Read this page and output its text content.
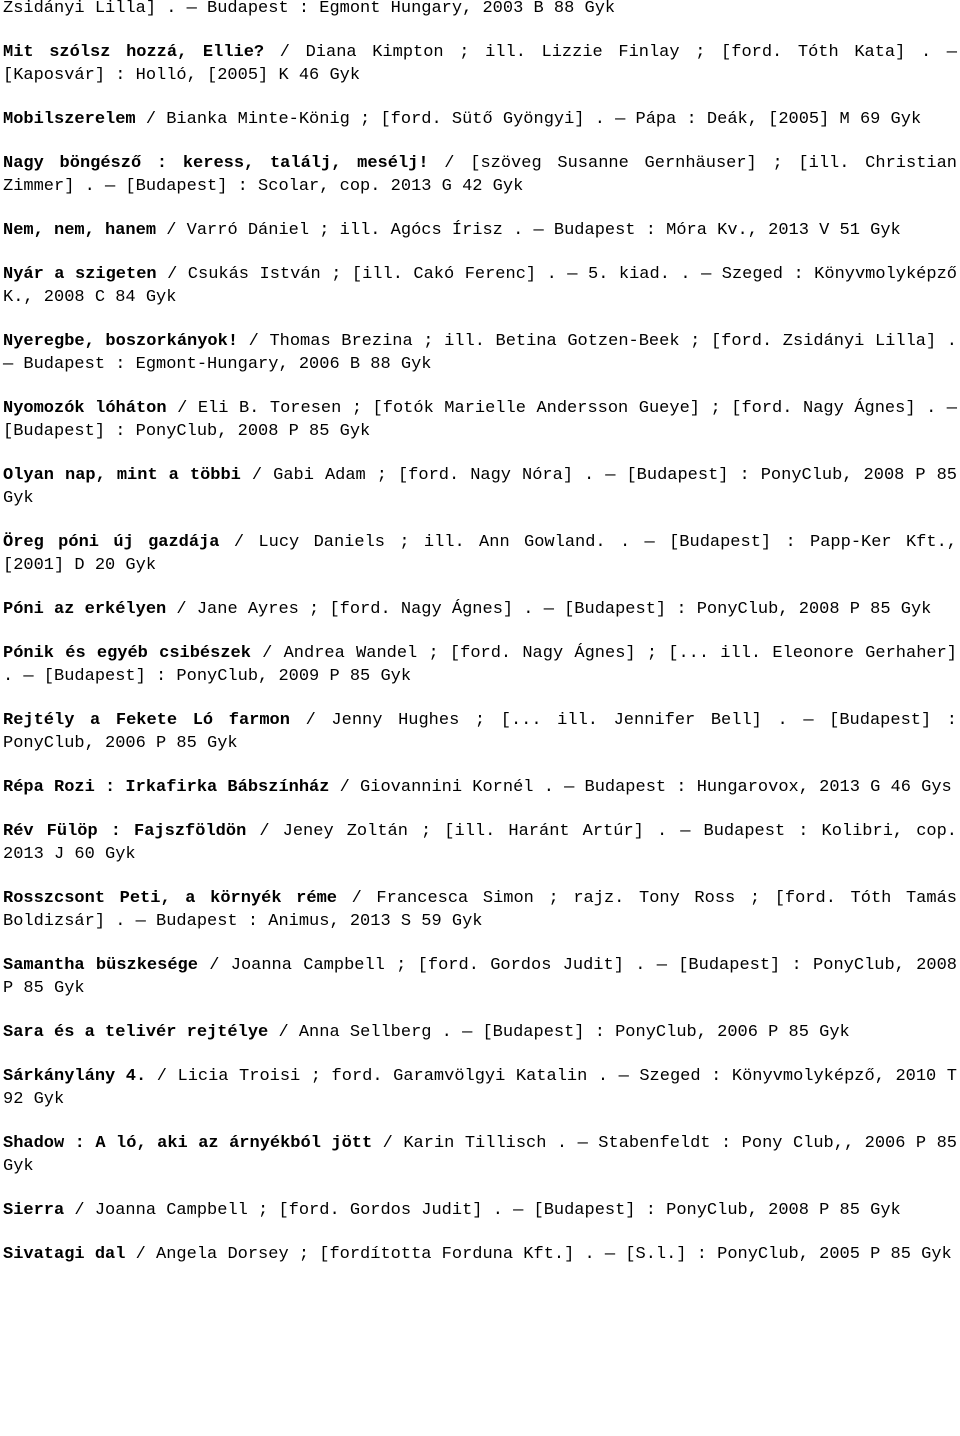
Zsidányi Lilla] . — Budapest : Egmont Hungary, 2003 B 88 Gyk
Mit szólsz hozzá, Ellie? / Diana Kimpton ; ill. Lizzie Finlay ; [ford. Tóth Kata] . — [Kaposvár] : Holló, [2005] K 46 Gyk
Mobilszerelem / Bianka Minte-König ; [ford. Sütő Gyöngyi] . — Pápa : Deák, [2005] M 69 Gyk
Nagy böngésző : keress, találj, mesélj! / [szöveg Susanne Gernhäuser] ; [ill. Christian Zimmer] . — [Budapest] : Scolar, cop. 2013 G 42 Gyk
Nem, nem, hanem / Varró Dániel ; ill. Agócs Írisz . — Budapest : Móra Kv., 2013 V 51 Gyk
Nyár a szigeten / Csukás István ; [ill. Cakó Ferenc] . — 5. kiad. . — Szeged : Könyvmolyképző K., 2008 C 84 Gyk
Nyeregbe, boszorkányok! / Thomas Brezina ; ill. Betina Gotzen-Beek ; [ford. Zsidányi Lilla] . — Budapest : Egmont-Hungary, 2006 B 88 Gyk
Nyomozók lóháton / Eli B. Toresen ; [fotók Marielle Andersson Gueye] ; [ford. Nagy Ágnes] . — [Budapest] : PonyClub, 2008 P 85 Gyk
Olyan nap, mint a többi / Gabi Adam ; [ford. Nagy Nóra] . — [Budapest] : PonyClub, 2008 P 85 Gyk
Öreg póni új gazdája / Lucy Daniels ; ill. Ann Gowland. . — [Budapest] : Papp-Ker Kft., [2001] D 20 Gyk
Póni az erkélyen / Jane Ayres ; [ford. Nagy Ágnes] . — [Budapest] : PonyClub, 2008 P 85 Gyk
Pónik és egyéb csibészek / Andrea Wandel ; [ford. Nagy Ágnes] ; [... ill. Eleonore Gerhaher] . — [Budapest] : PonyClub, 2009 P 85 Gyk
Rejtély a Fekete Ló farmon / Jenny Hughes ; [... ill. Jennifer Bell] . — [Budapest] : PonyClub, 2006 P 85 Gyk
Répa Rozi : Irkafirka Bábszínház / Giovannini Kornél . — Budapest : Hungarovox, 2013 G 46 Gys
Rév Fülöp : Fajszföldön / Jeney Zoltán ; [ill. Haránt Artúr] . — Budapest : Kolibri, cop. 2013 J 60 Gyk
Rosszcsont Peti, a környék réme / Francesca Simon ; rajz. Tony Ross ; [ford. Tóth Tamás Boldizsár] . — Budapest : Animus, 2013 S 59 Gyk
Samantha büszkesége / Joanna Campbell ; [ford. Gordos Judit] . — [Budapest] : PonyClub, 2008 P 85 Gyk
Sara és a telivér rejtélye / Anna Sellberg . — [Budapest] : PonyClub, 2006 P 85 Gyk
Sárkánylány 4. / Licia Troisi ; ford. Garamvölgyi Katalin . — Szeged : Könyvmolyképző, 2010 T 92 Gyk
Shadow : A ló, aki az árnyékból jött / Karin Tillisch . — Stabenfeldt : Pony Club,, 2006 P 85 Gyk
Sierra / Joanna Campbell ; [ford. Gordos Judit] . — [Budapest] : PonyClub, 2008 P 85 Gyk
Sivatagi dal / Angela Dorsey ; [fordította Forduna Kft.] . — [S.l.] : PonyClub, 2005 P 85 Gyk
